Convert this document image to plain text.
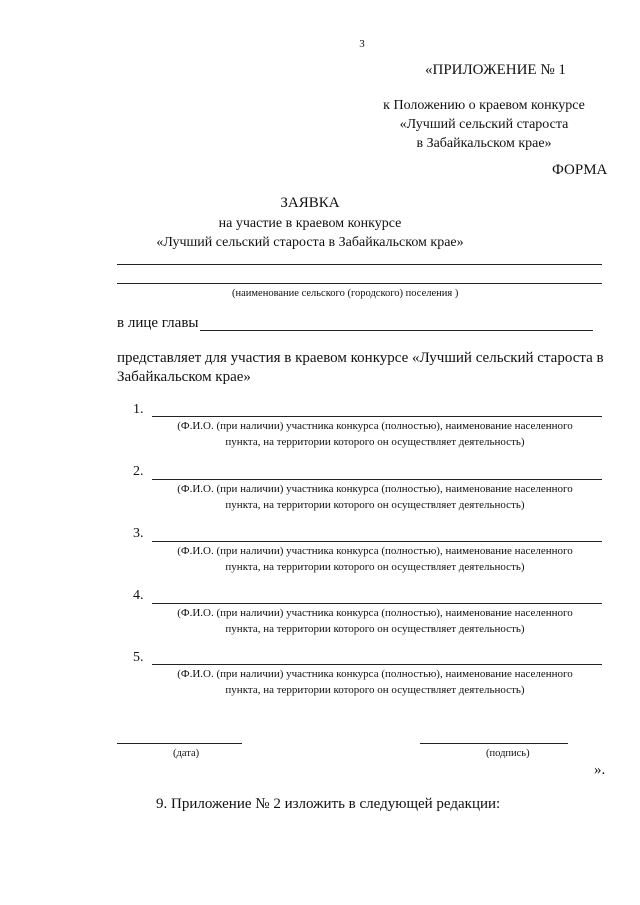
3
«ПРИЛОЖЕНИЕ № 1
к Положению о краевом конкурсе
«Лучший сельский староста
в Забайкальском крае»
ФОРМА
ЗАЯВКА
на участие в краевом конкурсе
«Лучший сельский староста в Забайкальском крае»
(наименование сельского (городского) поселения )
в лице главы
представляет для участия в краевом конкурсе «Лучший сельский староста в
Забайкальском крае»
1.
(Ф.И.О. (при наличии) участника конкурса (полностью), наименование населенного
пункта, на территории которого он осуществляет деятельность)
2.
(Ф.И.О. (при наличии) участника конкурса (полностью), наименование населенного
пункта, на территории которого он осуществляет деятельность)
3.
(Ф.И.О. (при наличии) участника конкурса (полностью), наименование населенного
пункта, на территории которого он осуществляет деятельность)
4.
(Ф.И.О. (при наличии) участника конкурса (полностью), наименование населенного
пункта, на территории которого он осуществляет деятельность)
5.
(Ф.И.О. (при наличии) участника конкурса (полностью), наименование населенного
пункта, на территории которого он осуществляет деятельность)
(дата)	(подпись)
».
9. Приложение № 2 изложить в следующей редакции:
